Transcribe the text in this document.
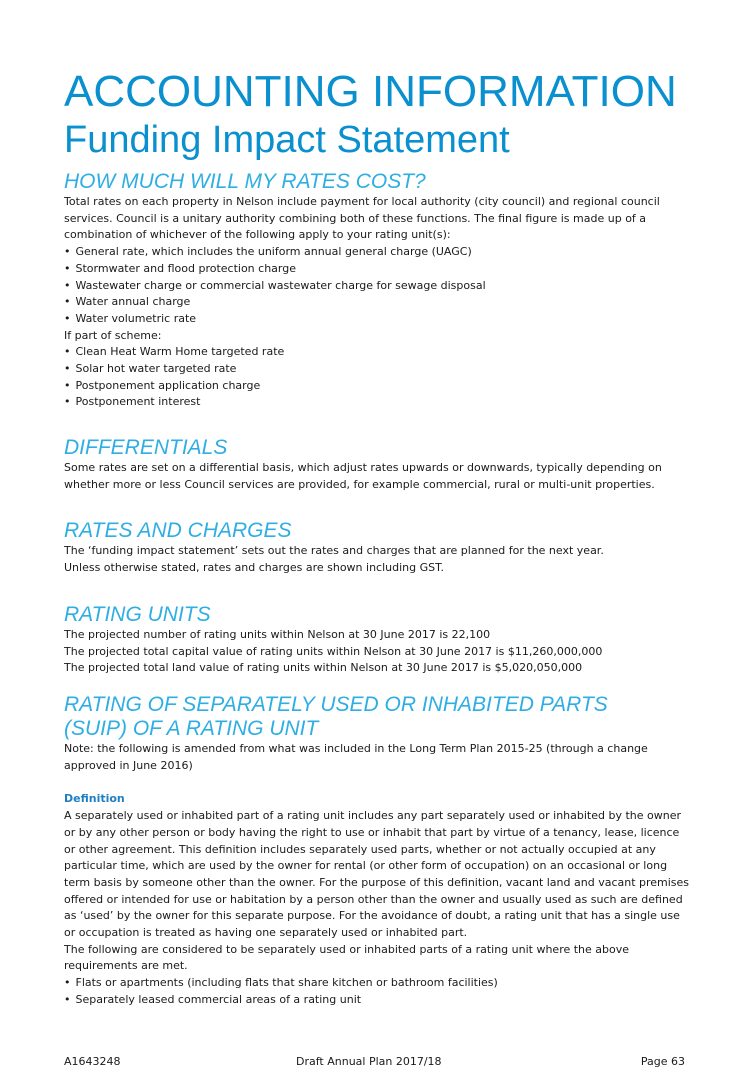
ACCOUNTING INFORMATION
Funding Impact Statement
HOW MUCH WILL MY RATES COST?

Total rates on each property in Nelson include payment for local authority (city council) and regional council services. Council is a unitary authority combining both of these functions. The final figure is made up of a combination of whichever of the following apply to your rating unit(s):

• General rate, which includes the uniform annual general charge (UAGC)
• Stormwater and flood protection charge
• Wastewater charge or commercial wastewater charge for sewage disposal
• Water annual charge
• Water volumetric rate

If part of scheme:

• Clean Heat Warm Home targeted rate
• Solar hot water targeted rate
• Postponement application charge
• Postponement interest
DIFFERENTIALS

Some rates are set on a differential basis, which adjust rates upwards or downwards, typically depending on whether more or less Council services are provided, for example commercial, rural or multi-unit properties.

RATES AND CHARGES

The ‘funding impact statement’ sets out the rates and charges that are planned for the next year.

Unless otherwise stated, rates and charges are shown including GST.

RATING UNITS

The projected number of rating units within Nelson at 30 June 2017 is 22,100

The projected total capital value of rating units within Nelson at 30 June 2017 is $11,260,000,000

The projected total land value of rating units within Nelson at 30 June 2017 is $5,020,050,000

RATING OF SEPARATELY USED OR INHABITED PARTS
(SUIP) OF A RATING UNIT

Note: the following is amended from what was included in the Long Term Plan 2015-25 (through a change approved in June 2016)

Definition

A separately used or inhabited part of a rating unit includes any part separately used or inhabited by the owner or by any other person or body having the right to use or inhabit that part by virtue of a tenancy, lease, licence or other agreement. This definition includes separately used parts, whether or not actually occupied at any particular time, which are used by the owner for rental (or other form of occupation) on an occasional or long term basis by someone other than the owner. For the purpose of this definition, vacant land and vacant premises offered or intended for use or habitation by a person other than the owner and usually used as such are defined as ‘used’ by the owner for this separate purpose. For the avoidance of doubt, a rating unit that has a single use or occupation is treated as having one separately used or inhabited part.

The following are considered to be separately used or inhabited parts of a rating unit where the above requirements are met.

• Flats or apartments (including flats that share kitchen or bathroom facilities)
• Separately leased commercial areas of a rating unit
A1643248	Draft Annual Plan 2017/18	Page 63
